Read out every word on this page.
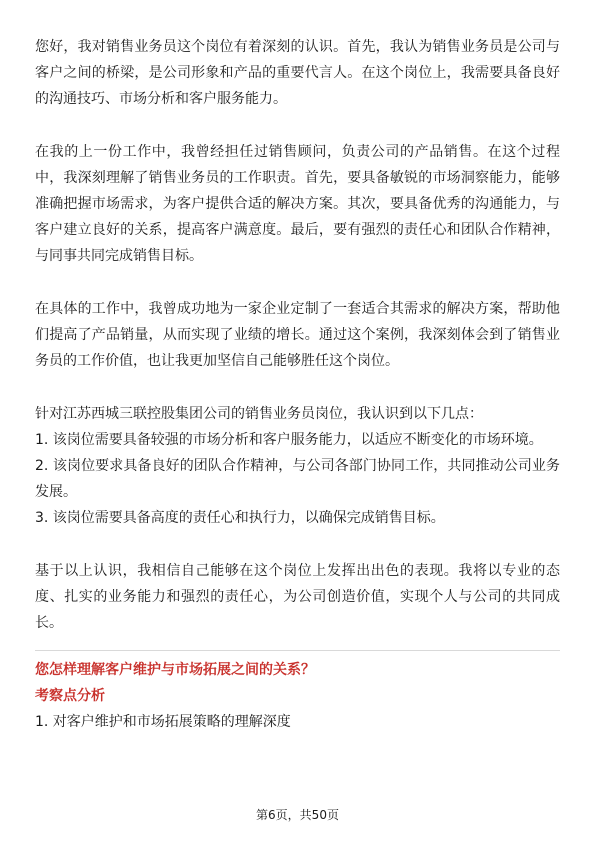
您好，我对销售业务员这个岗位有着深刻的认识。首先，我认为销售业务员是公司与客户之间的桥梁，是公司形象和产品的重要代言人。在这个岗位上，我需要具备良好的沟通技巧、市场分析和客户服务能力。

在我的上一份工作中，我曾经担任过销售顾问，负责公司的产品销售。在这个过程中，我深刻理解了销售业务员的工作职责。首先，要具备敏锐的市场洞察能力，能够准确把握市场需求，为客户提供合适的解决方案。其次，要具备优秀的沟通能力，与客户建立良好的关系，提高客户满意度。最后，要有强烈的责任心和团队合作精神，与同事共同完成销售目标。

在具体的工作中，我曾成功地为一家企业定制了一套适合其需求的解决方案，帮助他们提高了产品销量，从而实现了业绩的增长。通过这个案例，我深刻体会到了销售业务员的工作价值，也让我更加坚信自己能够胜任这个岗位。

针对江苏西城三联控股集团公司的销售业务员岗位，我认识到以下几点：

1. 该岗位需要具备较强的市场分析和客户服务能力，以适应不断变化的市场环境。

2. 该岗位要求具备良好的团队合作精神，与公司各部门协同工作，共同推动公司业务发展。

3. 该岗位需要具备高度的责任心和执行力，以确保完成销售目标。

基于以上认识，我相信自己能够在这个岗位上发挥出出色的表现。我将以专业的态度、扎实的业务能力和强烈的责任心，为公司创造价值，实现个人与公司的共同成长。

您怎样理解客户维护与市场拓展之间的关系？

考察点分析

1. 对客户维护和市场拓展策略的理解深度

第6页，共50页
